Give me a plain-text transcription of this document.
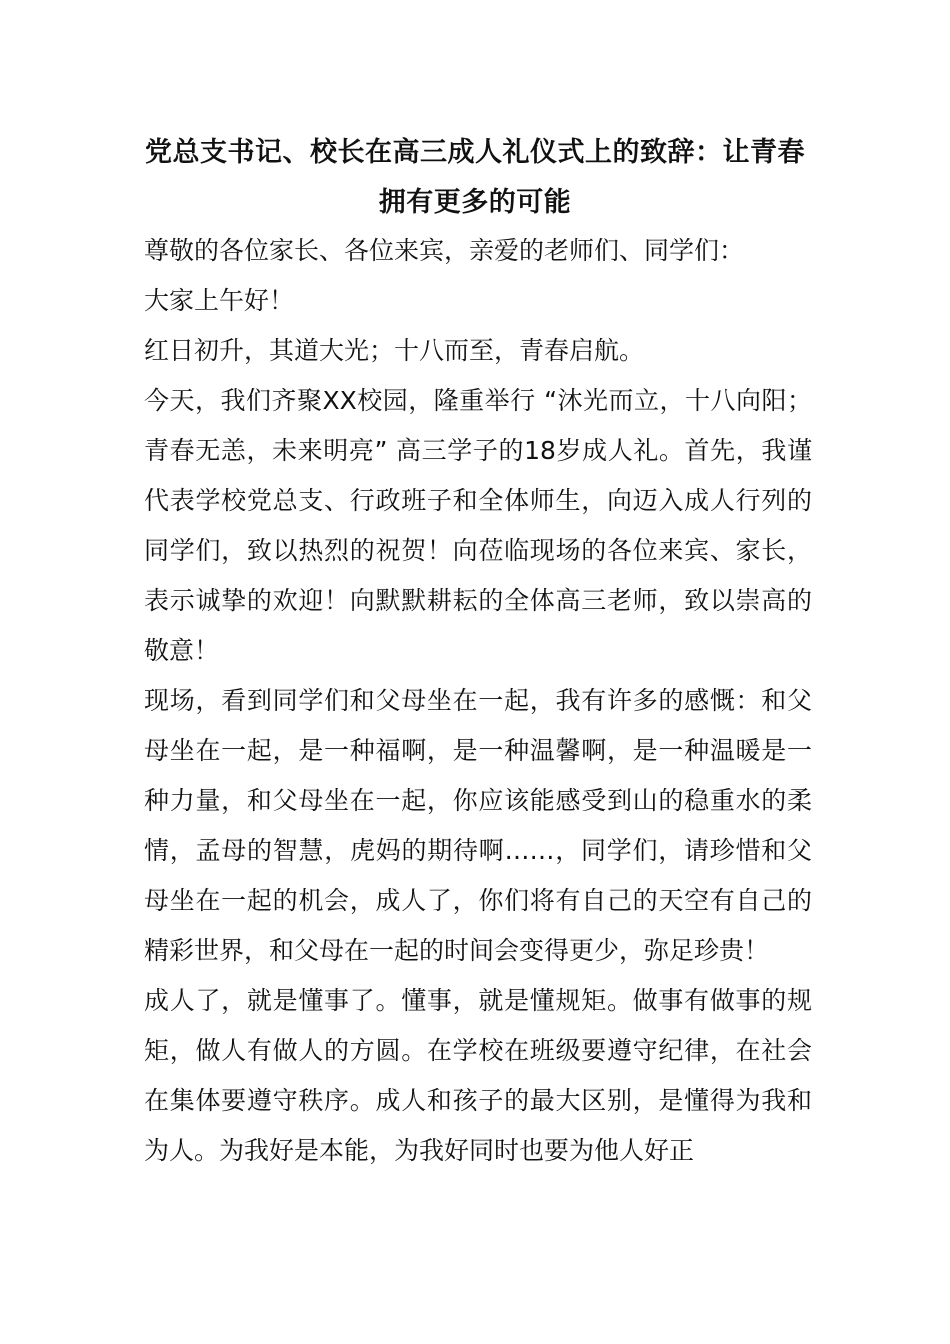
党总支书记、校长在高三成人礼仪式上的致辞：让青春拥有更多的可能

尊敬的各位家长、各位来宾，亲爱的老师们、同学们：

大家上午好！

红日初升，其道大光；十八而至，青春启航。

今天，我们齐聚XX校园，隆重举行 “沐光而立，十八向阳；青春无恙，未来明亮” 高三学子的18岁成人礼。首先，我谨代表学校党总支、行政班子和全体师生，向迈入成人行列的同学们，致以热烈的祝贺！向莅临现场的各位来宾、家长，表示诚挚的欢迎！向默默耕耘的全体高三老师，致以崇高的敬意！

现场，看到同学们和父母坐在一起，我有许多的感慨：和父母坐在一起，是一种福啊，是一种温馨啊，是一种温暖是一种力量，和父母坐在一起，你应该能感受到山的稳重水的柔情，孟母的智慧，虎妈的期待啊……，同学们，请珍惜和父母坐在一起的机会，成人了，你们将有自己的天空有自己的精彩世界，和父母在一起的时间会变得更少，弥足珍贵！

成人了，就是懂事了。懂事，就是懂规矩。做事有做事的规矩，做人有做人的方圆。在学校在班级要遵守纪律，在社会在集体要遵守秩序。成人和孩子的最大区别，是懂得为我和为人。为我好是本能，为我好同时也要为他人好正
